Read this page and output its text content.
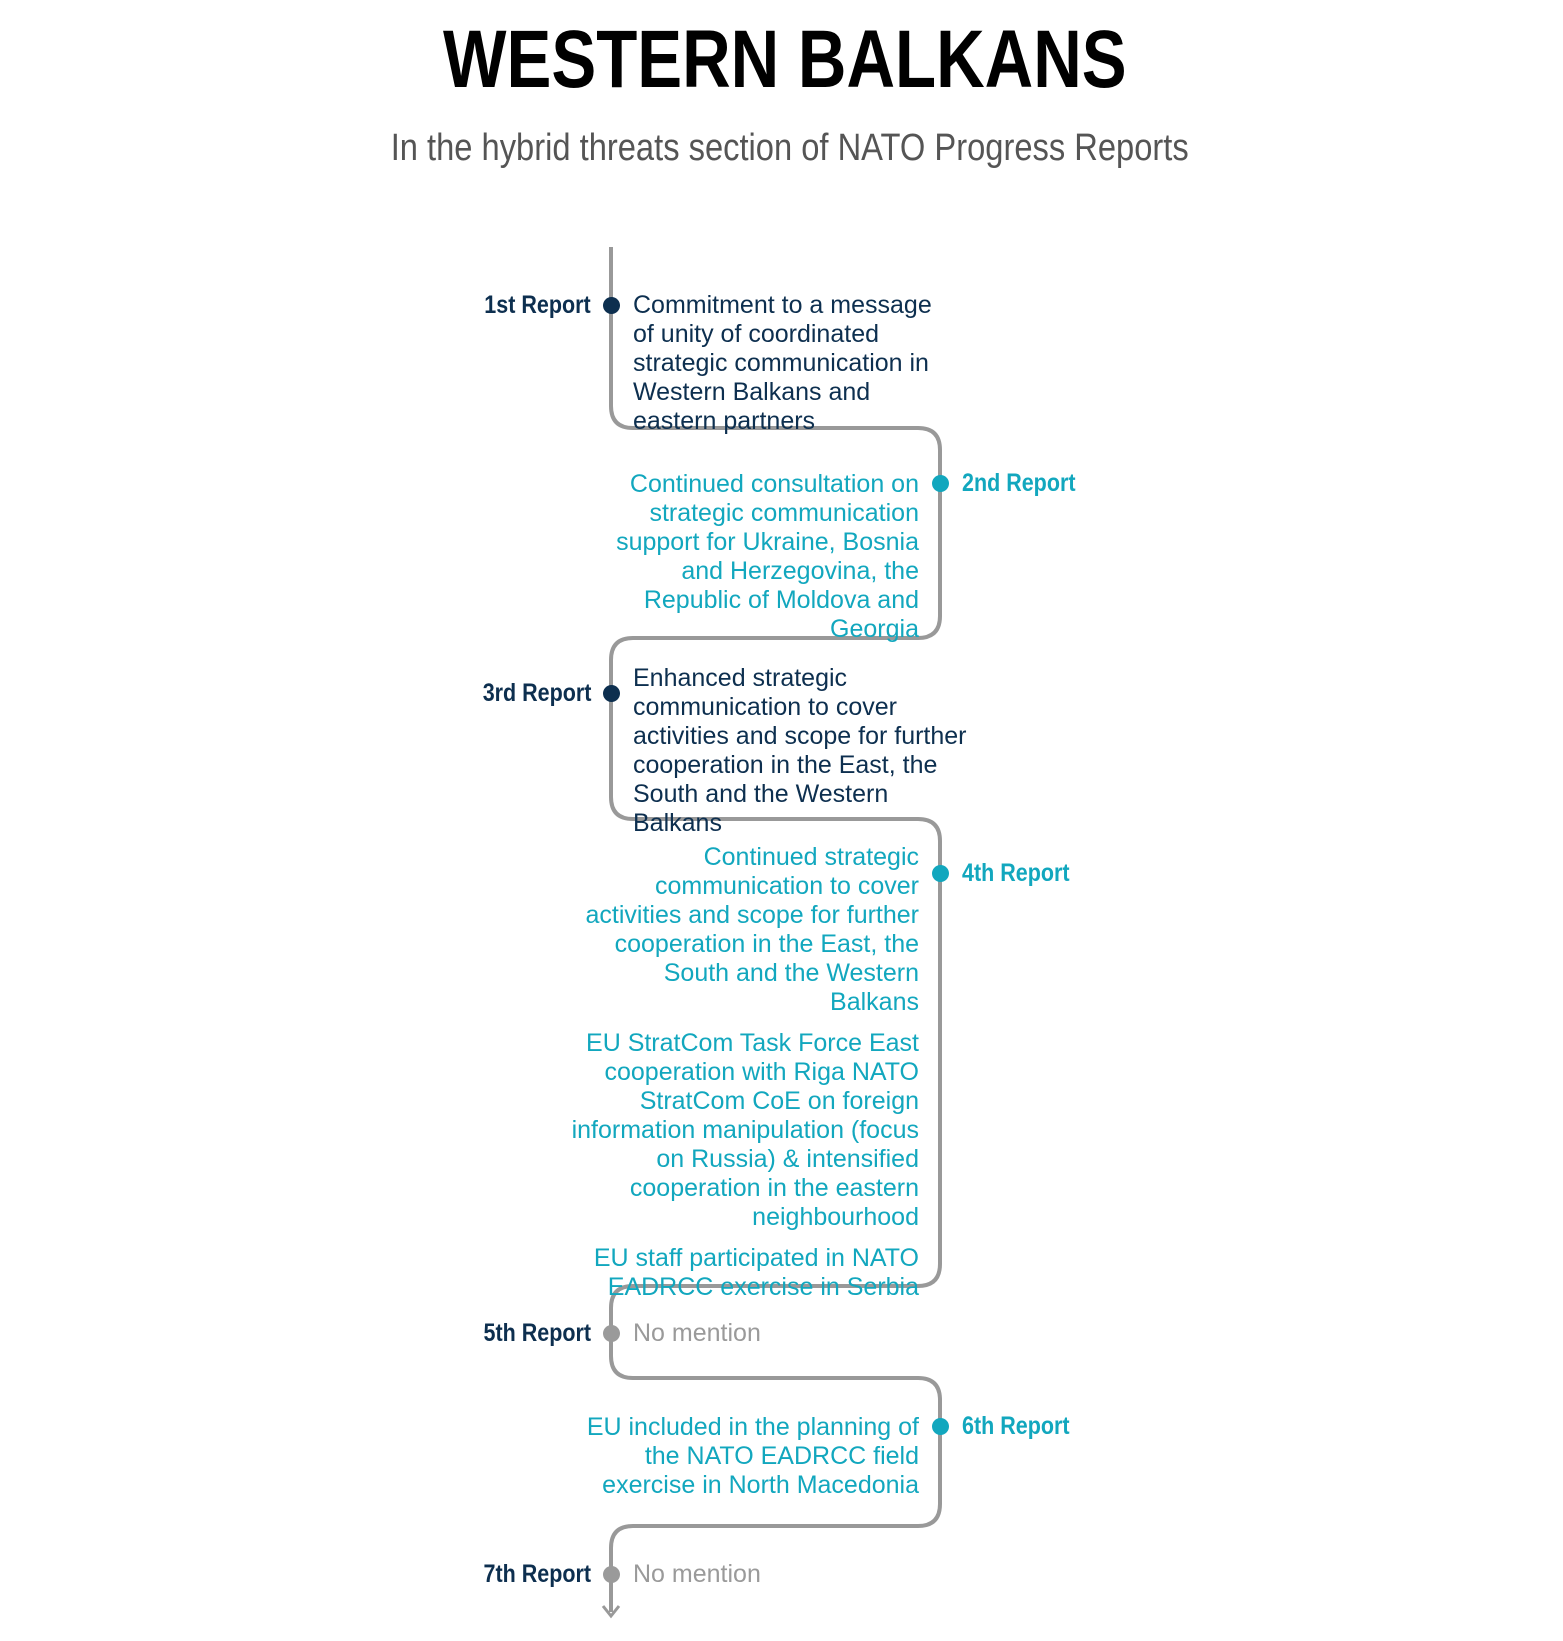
WESTERN BALKANS
In the hybrid threats section of NATO Progress Reports
1st Report Commitment to a message of unity of coordinated strategic communication in Western Balkans and eastern partners

2nd Report

Continued consultation on strategic communication support for Ukraine, Bosnia and Herzegovina, the Republic of Moldova and Georgia

3rd Report

Enhanced strategic communication to cover activities and scope for further cooperation in the East, the South and the Western Balkans

4th Report

Continued strategic communication to cover activities and scope for further cooperation in the East, the South and the Western Balkans

EU StratCom Task Force East cooperation with Riga NATO StratCom CoE on foreign information manipulation (focus on Russia) & intensified cooperation in the eastern neighbourhood

EU staff participated in NATO EADRCC exercise in Serbia

5th Report No mention

6th Report

EU included in the planning of the NATO EADRCC field exercise in North Macedonia

7th Report No mention
